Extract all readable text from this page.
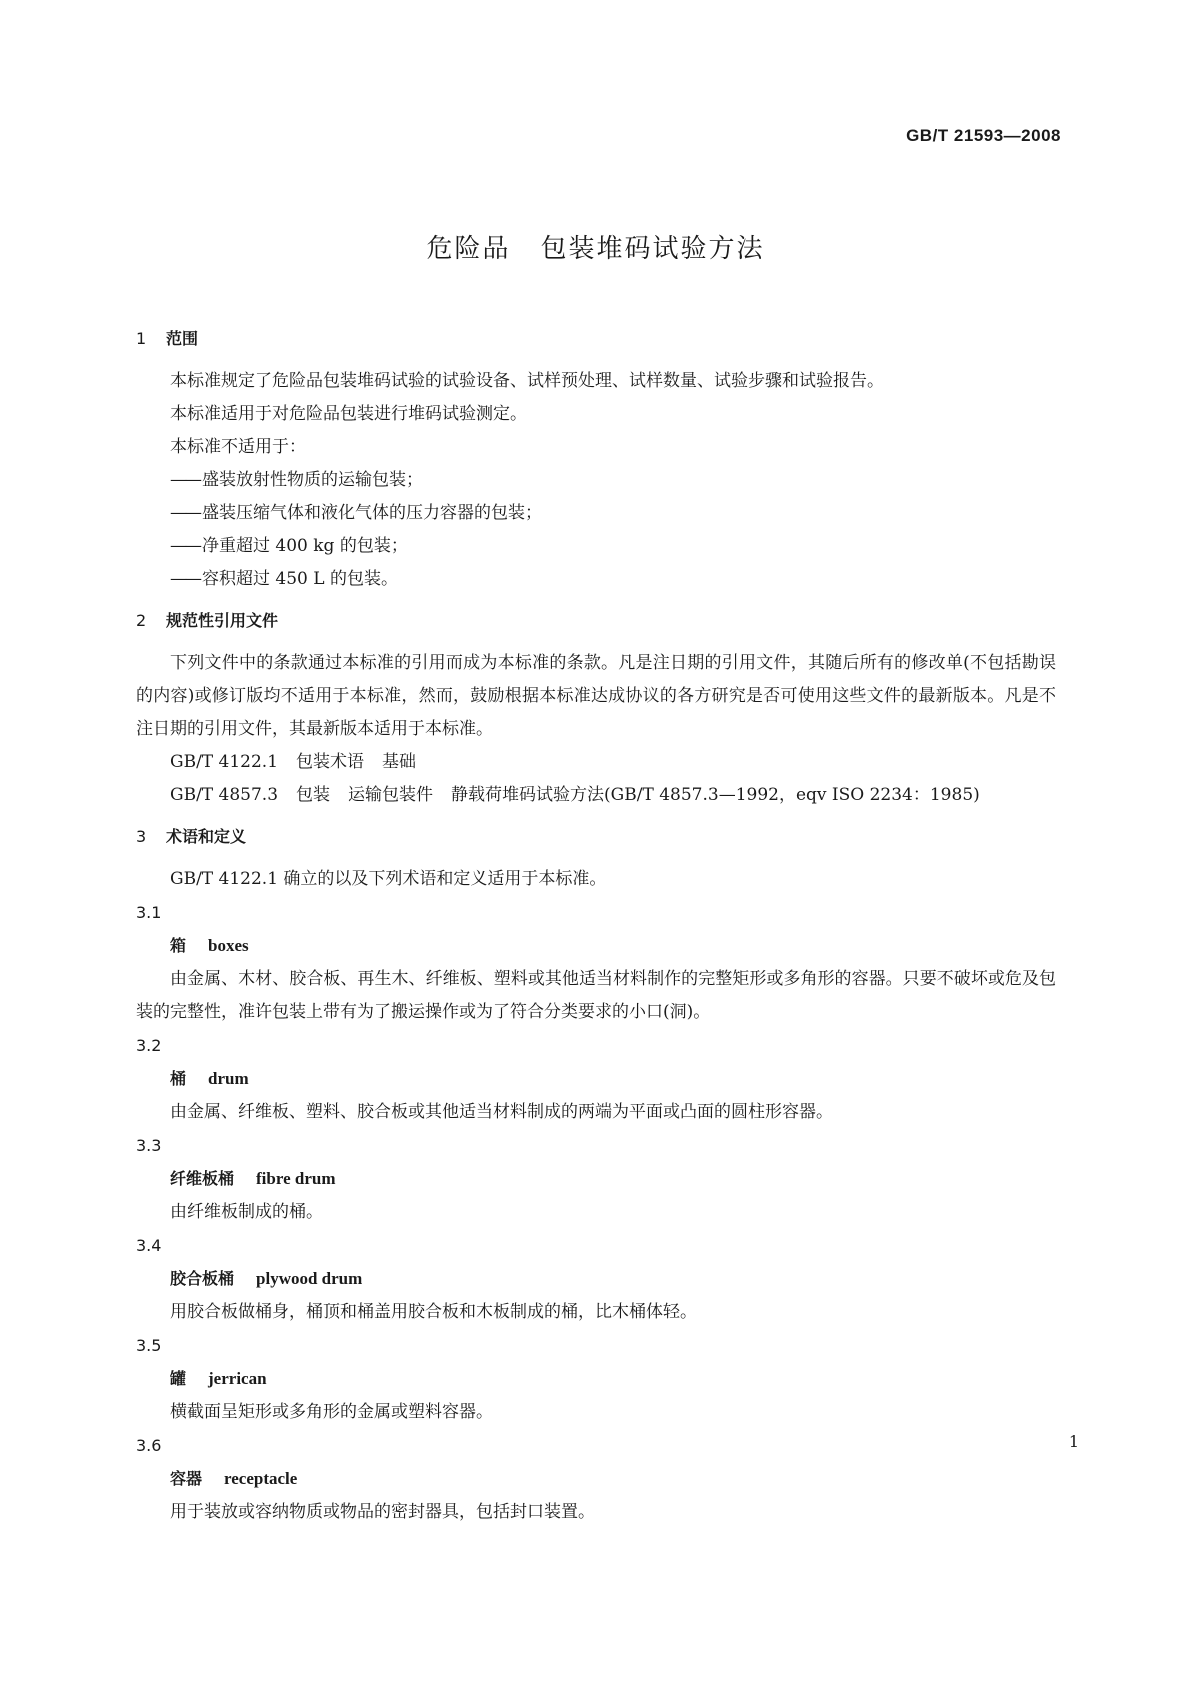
GB/T 21593—2008
危险品 包装堆码试验方法
1 范围

本标准规定了危险品包装堆码试验的试验设备、试样预处理、试样数量、试验步骤和试验报告。

本标准适用于对危险品包装进行堆码试验测定。

本标准不适用于：

—— 盛装放射性物质的运输包装；

—— 盛装压缩气体和液化气体的压力容器的包装；

—— 净重超过 400 kg 的包装；

—— 容积超过 450 L 的包装。

2 规范性引用文件

下列文件中的条款通过本标准的引用而成为本标准的条款。凡是注日期的引用文件，其随后所有的修改单(不包括勘误的内容)或修订版均不适用于本标准，然而，鼓励根据本标准达成协议的各方研究是否可使用这些文件的最新版本。凡是不注日期的引用文件，其最新版本适用于本标准。

GB/T 4122.1 包装术语 基础

GB/T 4857.3 包装 运输包装件 静载荷堆码试验方法(GB/T 4857.3—1992，eqv ISO 2234：1985)

3 术语和定义

GB/T 4122.1 确立的以及下列术语和定义适用于本标准。

3.1

箱 boxes

由金属、木材、胶合板、再生木、纤维板、塑料或其他适当材料制作的完整矩形或多角形的容器。只要不破坏或危及包装的完整性，准许包装上带有为了搬运操作或为了符合分类要求的小口(洞)。

3.2

桶 drum

由金属、纤维板、塑料、胶合板或其他适当材料制成的两端为平面或凸面的圆柱形容器。

3.3

纤维板桶 fibre drum

由纤维板制成的桶。

3.4

胶合板桶 plywood drum

用胶合板做桶身，桶顶和桶盖用胶合板和木板制成的桶，比木桶体轻。

3.5

罐 jerrican

横截面呈矩形或多角形的金属或塑料容器。

3.6

容器 receptacle

用于装放或容纳物质或物品的密封器具，包括封口装置。

1
